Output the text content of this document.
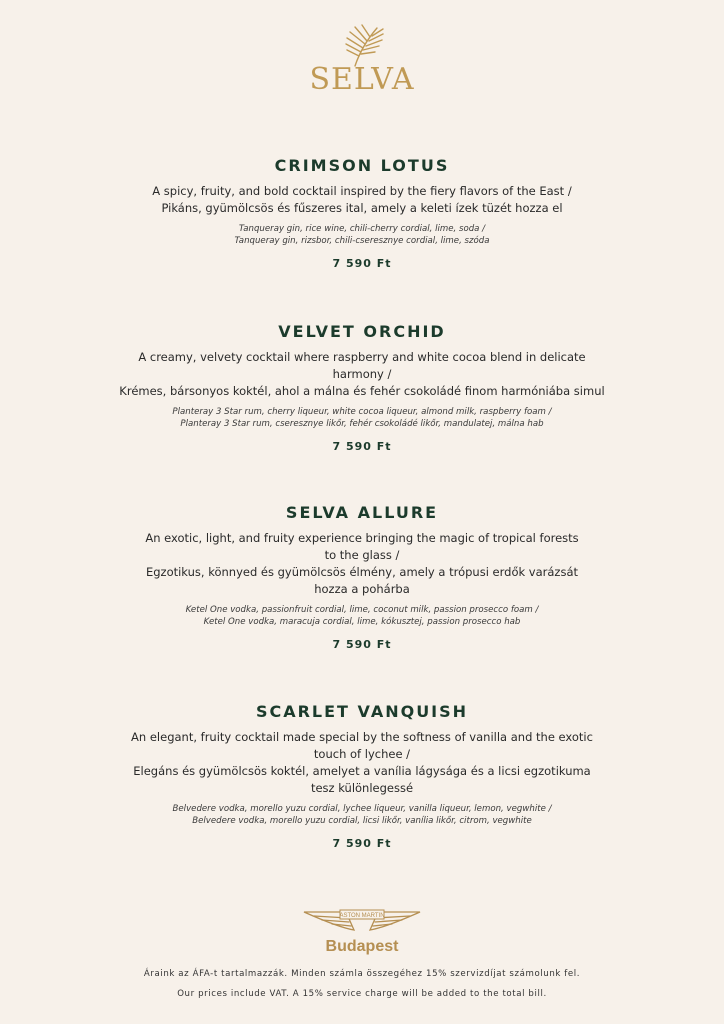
SELVA
CRIMSON LOTUS

A spicy, fruity, and bold cocktail inspired by the fiery flavors of the East /
Pikáns, gyümölcsös és fűszeres ital, amely a keleti ízek tüzét hozza el

Tanqueray gin, rice wine, chili-cherry cordial, lime, soda /
Tanqueray gin, rizsbor, chili-cseresznye cordial, lime, szóda
7 590 Ft
VELVET ORCHID

A creamy, velvety cocktail where raspberry and white cocoa blend in delicate
harmony /
Krémes, bársonyos koktél, ahol a málna és fehér csokoládé finom harmóniába simul

Planteray 3 Star rum, cherry liqueur, white cocoa liqueur, almond milk, raspberry foam /
Planteray 3 Star rum, cseresznye likőr, fehér csokoládé likőr, mandulatej, málna hab
7 590 Ft
SELVA ALLURE

An exotic, light, and fruity experience bringing the magic of tropical forests
to the glass /
Egzotikus, könnyed és gyümölcsös élmény, amely a trópusi erdők varázsát
hozza a pohárba

Ketel One vodka, passionfruit cordial, lime, coconut milk, passion prosecco foam /
Ketel One vodka, maracuja cordial, lime, kókusztej, passion prosecco hab
7 590 Ft
SCARLET VANQUISH

An elegant, fruity cocktail made special by the softness of vanilla and the exotic
touch of lychee /
Elegáns és gyümölcsös koktél, amelyet a vanília lágysága és a licsi egzotikuma
tesz különlegessé

Belvedere vodka, morello yuzu cordial, lychee liqueur, vanilla liqueur, lemon, vegwhite /
Belvedere vodka, morello yuzu cordial, licsi likőr, vanília likőr, citrom, vegwhite
7 590 Ft
ASTON MARTIN
Budapest
Áraink az ÁFA-t tartalmazzák. Minden számla összegéhez 15% szervizdíjat számolunk fel.
Our prices include VAT. A 15% service charge will be added to the total bill.
